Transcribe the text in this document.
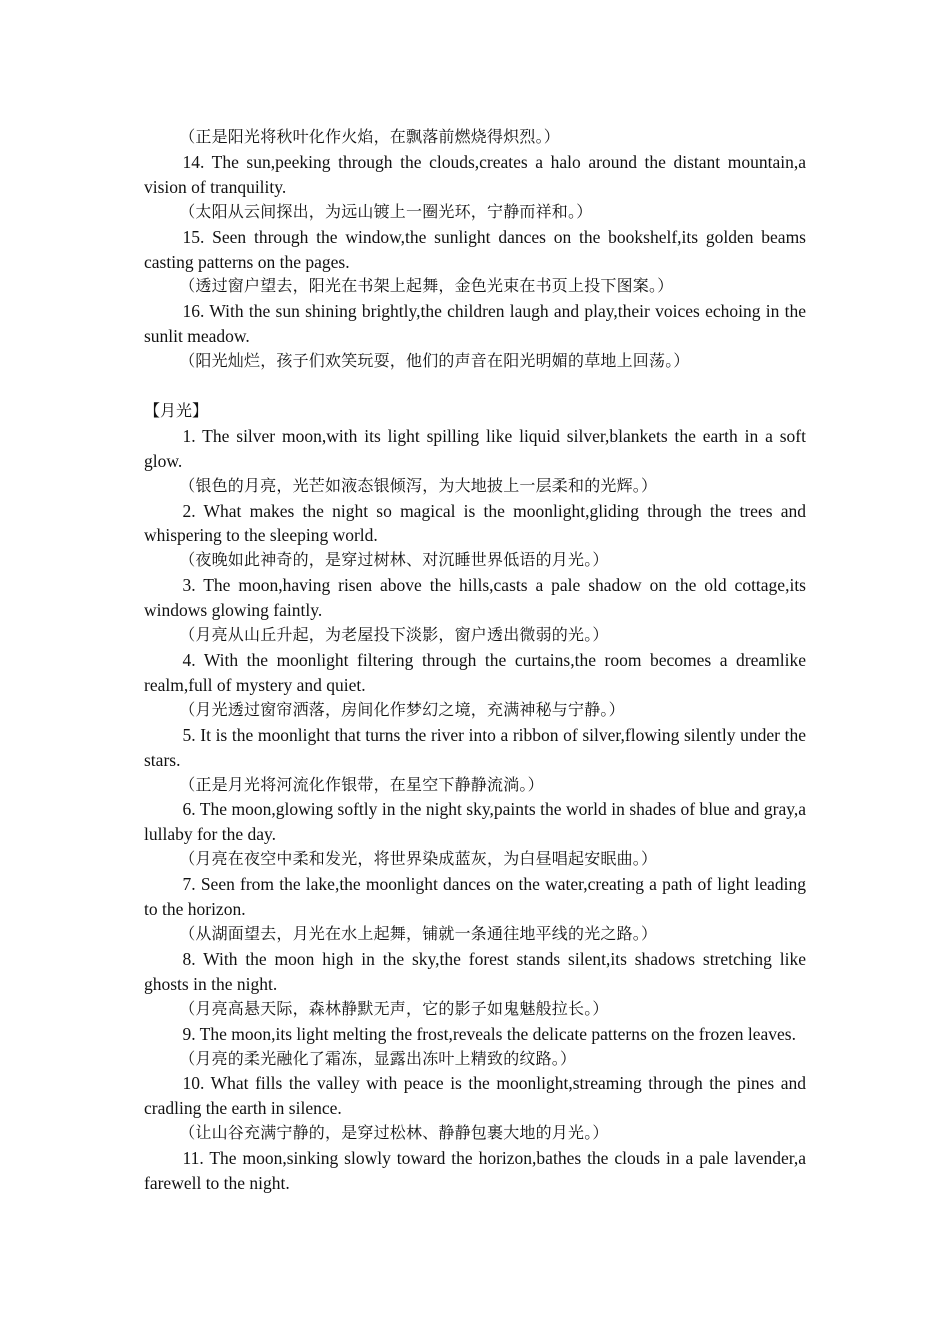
（正是阳光将秋叶化作火焰，在飘落前燃烧得炽烈。）

14. The sun,peeking through the clouds,creates a halo around the distant mountain,a vision of tranquility.

（太阳从云间探出，为远山镀上一圈光环，宁静而祥和。）

15. Seen through the window,the sunlight dances on the bookshelf,its golden beams casting patterns on the pages.

（透过窗户望去，阳光在书架上起舞，金色光束在书页上投下图案。）

16. With the sun shining brightly,the children laugh and play,their voices echoing in the sunlit meadow.

（阳光灿烂，孩子们欢笑玩耍，他们的声音在阳光明媚的草地上回荡。）

【月光】

1. The silver moon,with its light spilling like liquid silver,blankets the earth in a soft glow.

（银色的月亮，光芒如液态银倾泻，为大地披上一层柔和的光辉。）

2. What makes the night so magical is the moonlight,gliding through the trees and whispering to the sleeping world.

（夜晚如此神奇的，是穿过树林、对沉睡世界低语的月光。）

3. The moon,having risen above the hills,casts a pale shadow on the old cottage,its windows glowing faintly.

（月亮从山丘升起，为老屋投下淡影，窗户透出微弱的光。）

4. With the moonlight filtering through the curtains,the room becomes a dreamlike realm,full of mystery and quiet.

（月光透过窗帘洒落，房间化作梦幻之境，充满神秘与宁静。）

5. It is the moonlight that turns the river into a ribbon of silver,flowing silently under the stars.

（正是月光将河流化作银带，在星空下静静流淌。）

6. The moon,glowing softly in the night sky,paints the world in shades of blue and gray,a lullaby for the day.

（月亮在夜空中柔和发光，将世界染成蓝灰，为白昼唱起安眠曲。）

7. Seen from the lake,the moonlight dances on the water,creating a path of light leading to the horizon.

（从湖面望去，月光在水上起舞，铺就一条通往地平线的光之路。）

8. With the moon high in the sky,the forest stands silent,its shadows stretching like ghosts in the night.

（月亮高悬天际，森林静默无声，它的影子如鬼魅般拉长。）

9. The moon,its light melting the frost,reveals the delicate patterns on the frozen leaves.

（月亮的柔光融化了霜冻，显露出冻叶上精致的纹路。）

10. What fills the valley with peace is the moonlight,streaming through the pines and cradling the earth in silence.

（让山谷充满宁静的，是穿过松林、静静包裹大地的月光。）

11. The moon,sinking slowly toward the horizon,bathes the clouds in a pale lavender,a farewell to the night.
